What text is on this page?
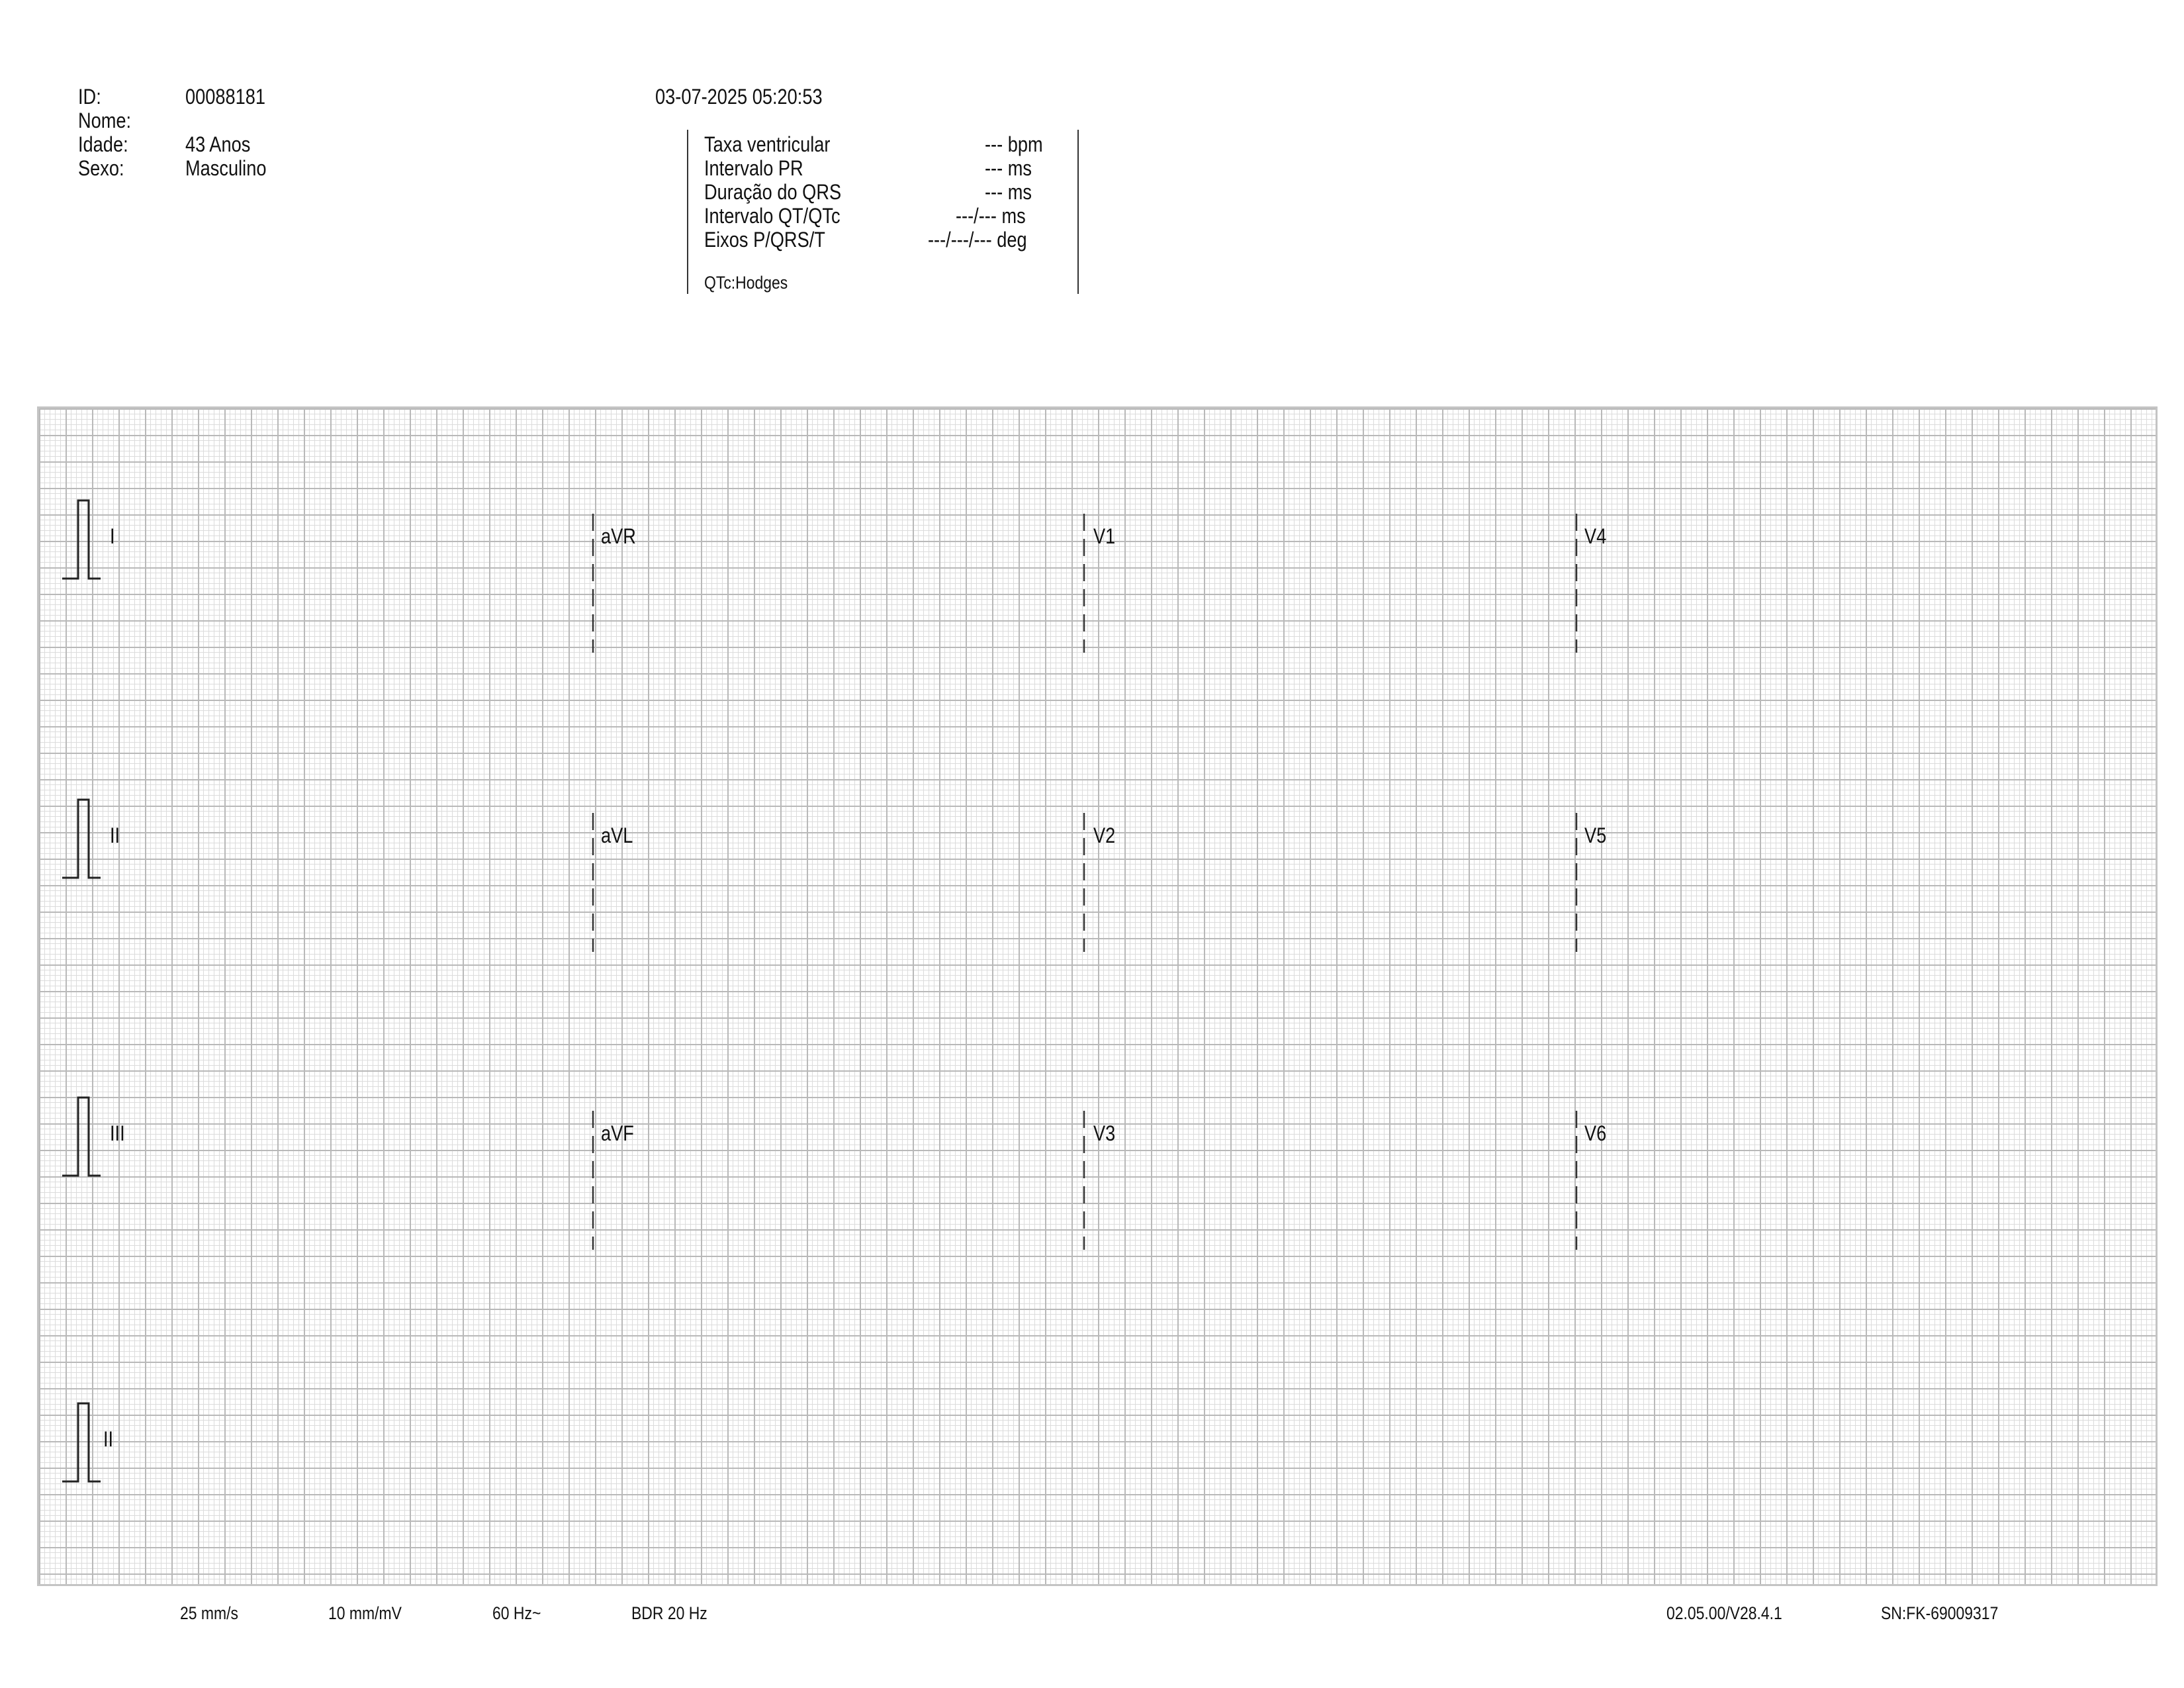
ID:	00088181
Nome:
Idade:	43 Anos
Sexo:	Masculino
03-07-2025 05:20:53
Taxa ventricular	--- bpm
Intervalo PR	--- ms
Duração do QRS	--- ms
Intervalo QT/QTc	---/--- ms
Eixos P/QRS/T	---/---/--- deg
QTc:Hodges
I	aVR	V1	V4
II	aVL	V2	V5
III	aVF	V3	V6
II
25 mm/s	10 mm/mV	60 Hz~	BDR 20 Hz	02.05.00/V28.4.1	SN:FK-69009317
